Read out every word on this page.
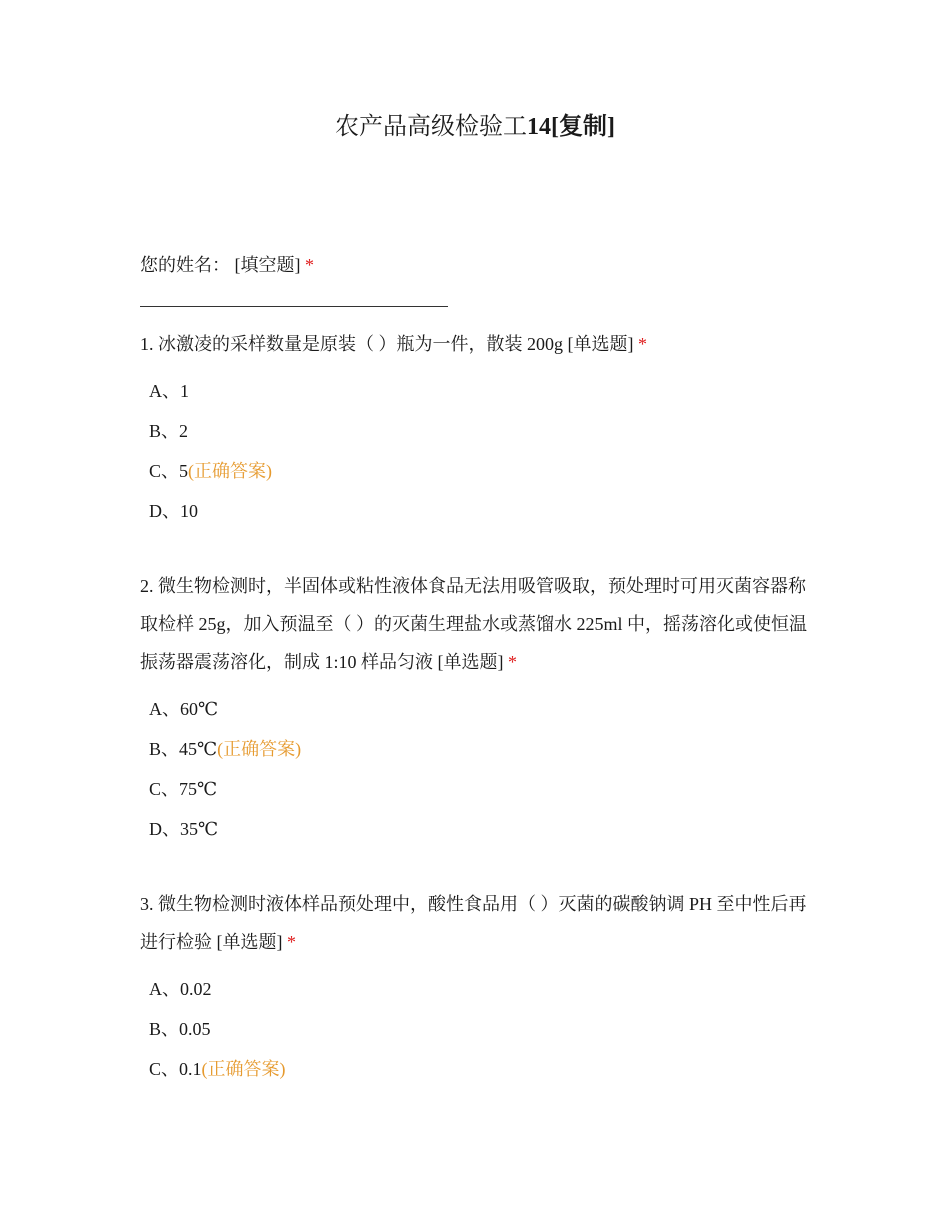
农产品高级检验工14[复制]

您的姓名： [填空题] *

1. 冰激凌的采样数量是原装（ ）瓶为一件，散装 200g [单选题] *

A、1
B、2
C、5(正确答案)
D、10

2. 微生物检测时，半固体或粘性液体食品无法用吸管吸取，预处理时可用灭菌容器称取检样 25g，加入预温至（ ）的灭菌生理盐水或蒸馏水 225ml 中，摇荡溶化或使恒温振荡器震荡溶化，制成 1:10 样品匀液 [单选题] *

A、60℃
B、45℃(正确答案)
C、75℃
D、35℃

3. 微生物检测时液体样品预处理中，酸性食品用（ ）灭菌的碳酸钠调 PH 至中性后再进行检验 [单选题] *

A、0.02
B、0.05
C、0.1(正确答案)
